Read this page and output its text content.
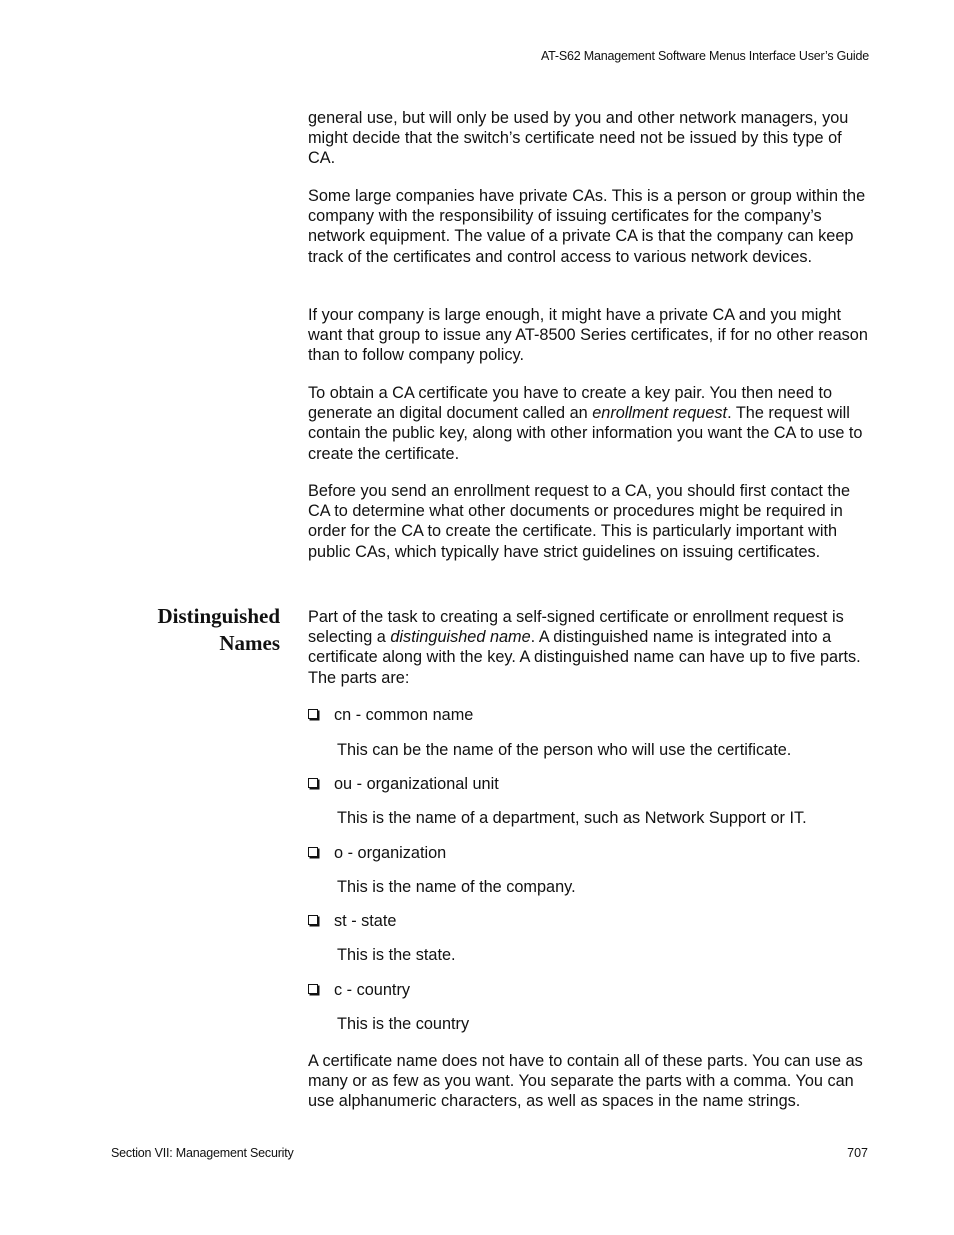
AT-S62 Management Software Menus Interface User’s Guide

general use, but will only be used by you and other network managers, you might decide that the switch’s certificate need not be issued by this type of CA.

Some large companies have private CAs. This is a person or group within the company with the responsibility of issuing certificates for the company’s network equipment. The value of a private CA is that the company can keep track of the certificates and control access to various network devices.

If your company is large enough, it might have a private CA and you might want that group to issue any AT-8500 Series certificates, if for no other reason than to follow company policy.

To obtain a CA certificate you have to create a key pair. You then need to generate an digital document called an enrollment request. The request will contain the public key, along with other information you want the CA to use to create the certificate.

Before you send an enrollment request to a CA, you should first contact the CA to determine what other documents or procedures might be required in order for the CA to create the certificate. This is particularly important with public CAs, which typically have strict guidelines on issuing certificates.

Distinguished
Names

Part of the task to creating a self-signed certificate or enrollment request is selecting a distinguished name. A distinguished name is integrated into a certificate along with the key. A distinguished name can have up to five parts. The parts are:

cn - common name
This can be the name of the person who will use the certificate.
ou - organizational unit
This is the name of a department, such as Network Support or IT.
o - organization
This is the name of the company.
st - state
This is the state.
c - country
This is the country

A certificate name does not have to contain all of these parts. You can use as many or as few as you want. You separate the parts with a comma. You can use alphanumeric characters, as well as spaces in the name strings.

Section VII: Management Security	707
